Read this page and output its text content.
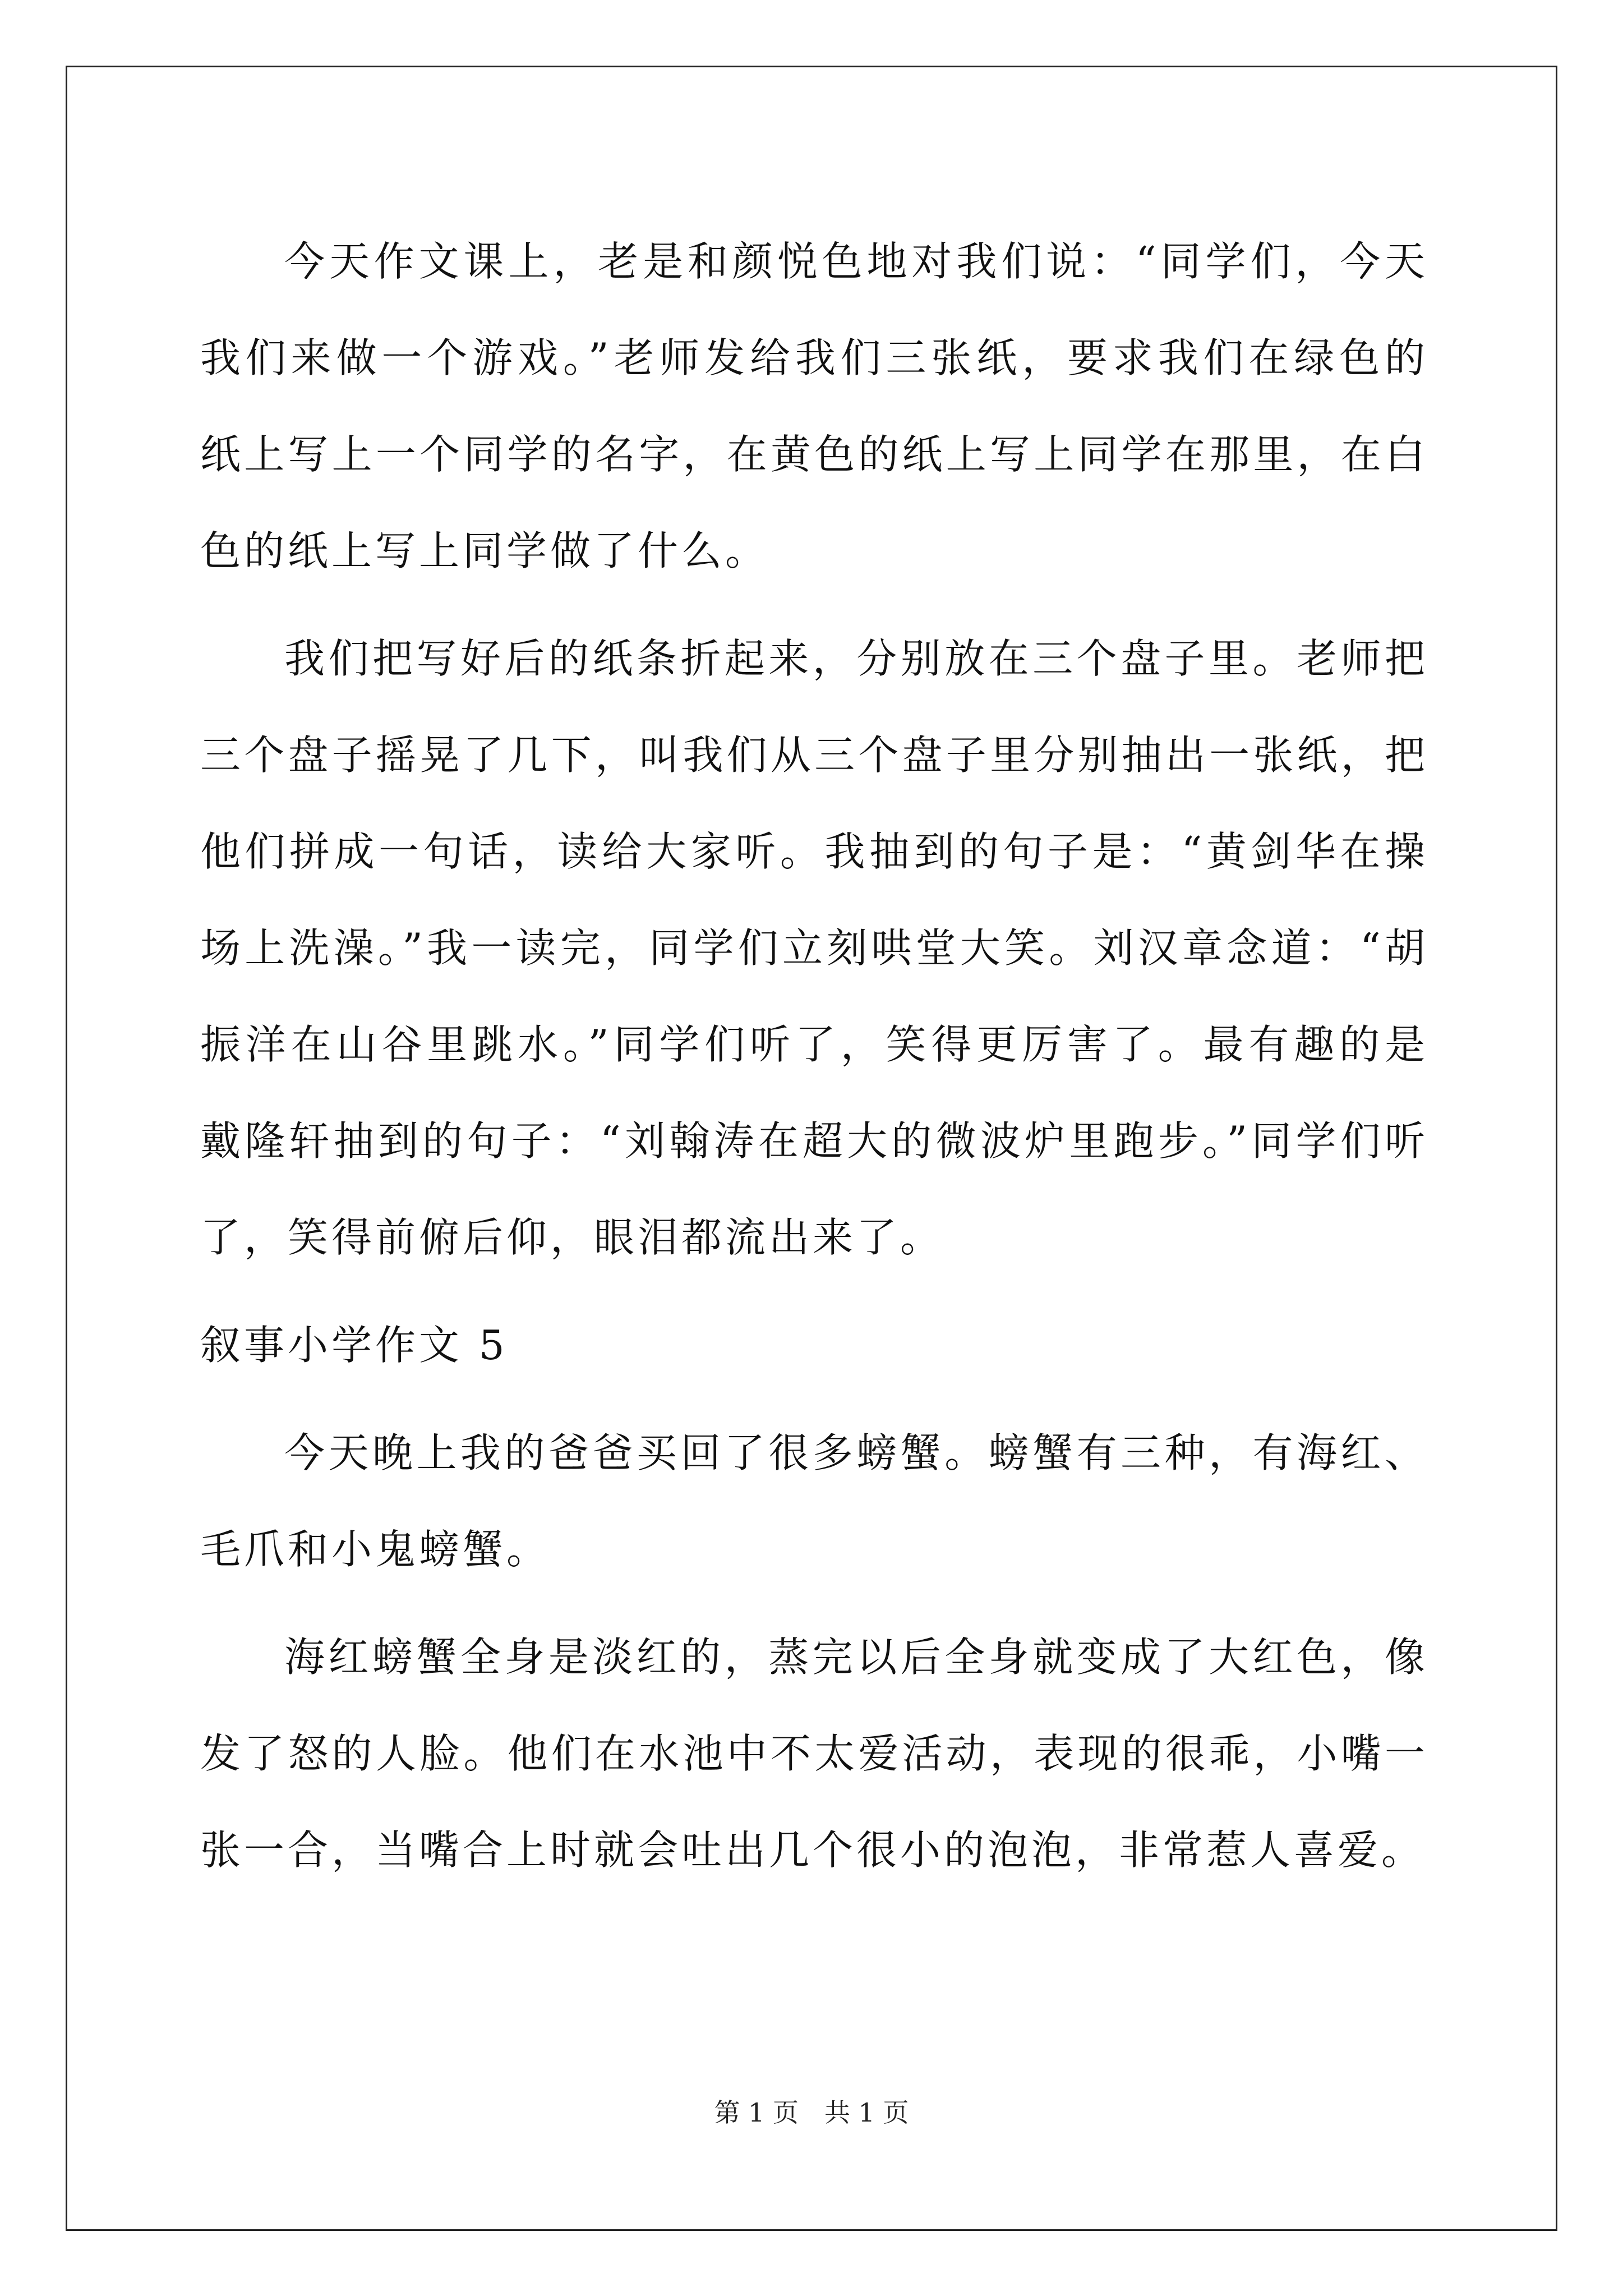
今天作文课上，老是和颜悦色地对我们说：“同学们，今天我们来做一个游戏。”老师发给我们三张纸，要求我们在绿色的纸上写上一个同学的名字，在黄色的纸上写上同学在那里，在白色的纸上写上同学做了什么。

我们把写好后的纸条折起来，分别放在三个盘子里。老师把三个盘子摇晃了几下，叫我们从三个盘子里分别抽出一张纸，把他们拼成一句话，读给大家听。我抽到的句子是：“黄剑华在操场上洗澡。”我一读完，同学们立刻哄堂大笑。刘汉章念道：“胡振洋在山谷里跳水。”同学们听了，笑得更厉害了。最有趣的是戴隆轩抽到的句子：“刘翰涛在超大的微波炉里跑步。”同学们听了，笑得前俯后仰，眼泪都流出来了。

叙事小学作文 5

今天晚上我的爸爸买回了很多螃蟹。螃蟹有三种，有海红、毛爪和小鬼螃蟹。

海红螃蟹全身是淡红的，蒸完以后全身就变成了大红色，像发了怒的人脸。他们在水池中不太爱活动，表现的很乖，小嘴一张一合，当嘴合上时就会吐出几个很小的泡泡，非常惹人喜爱。

第 1 页　共 1 页
